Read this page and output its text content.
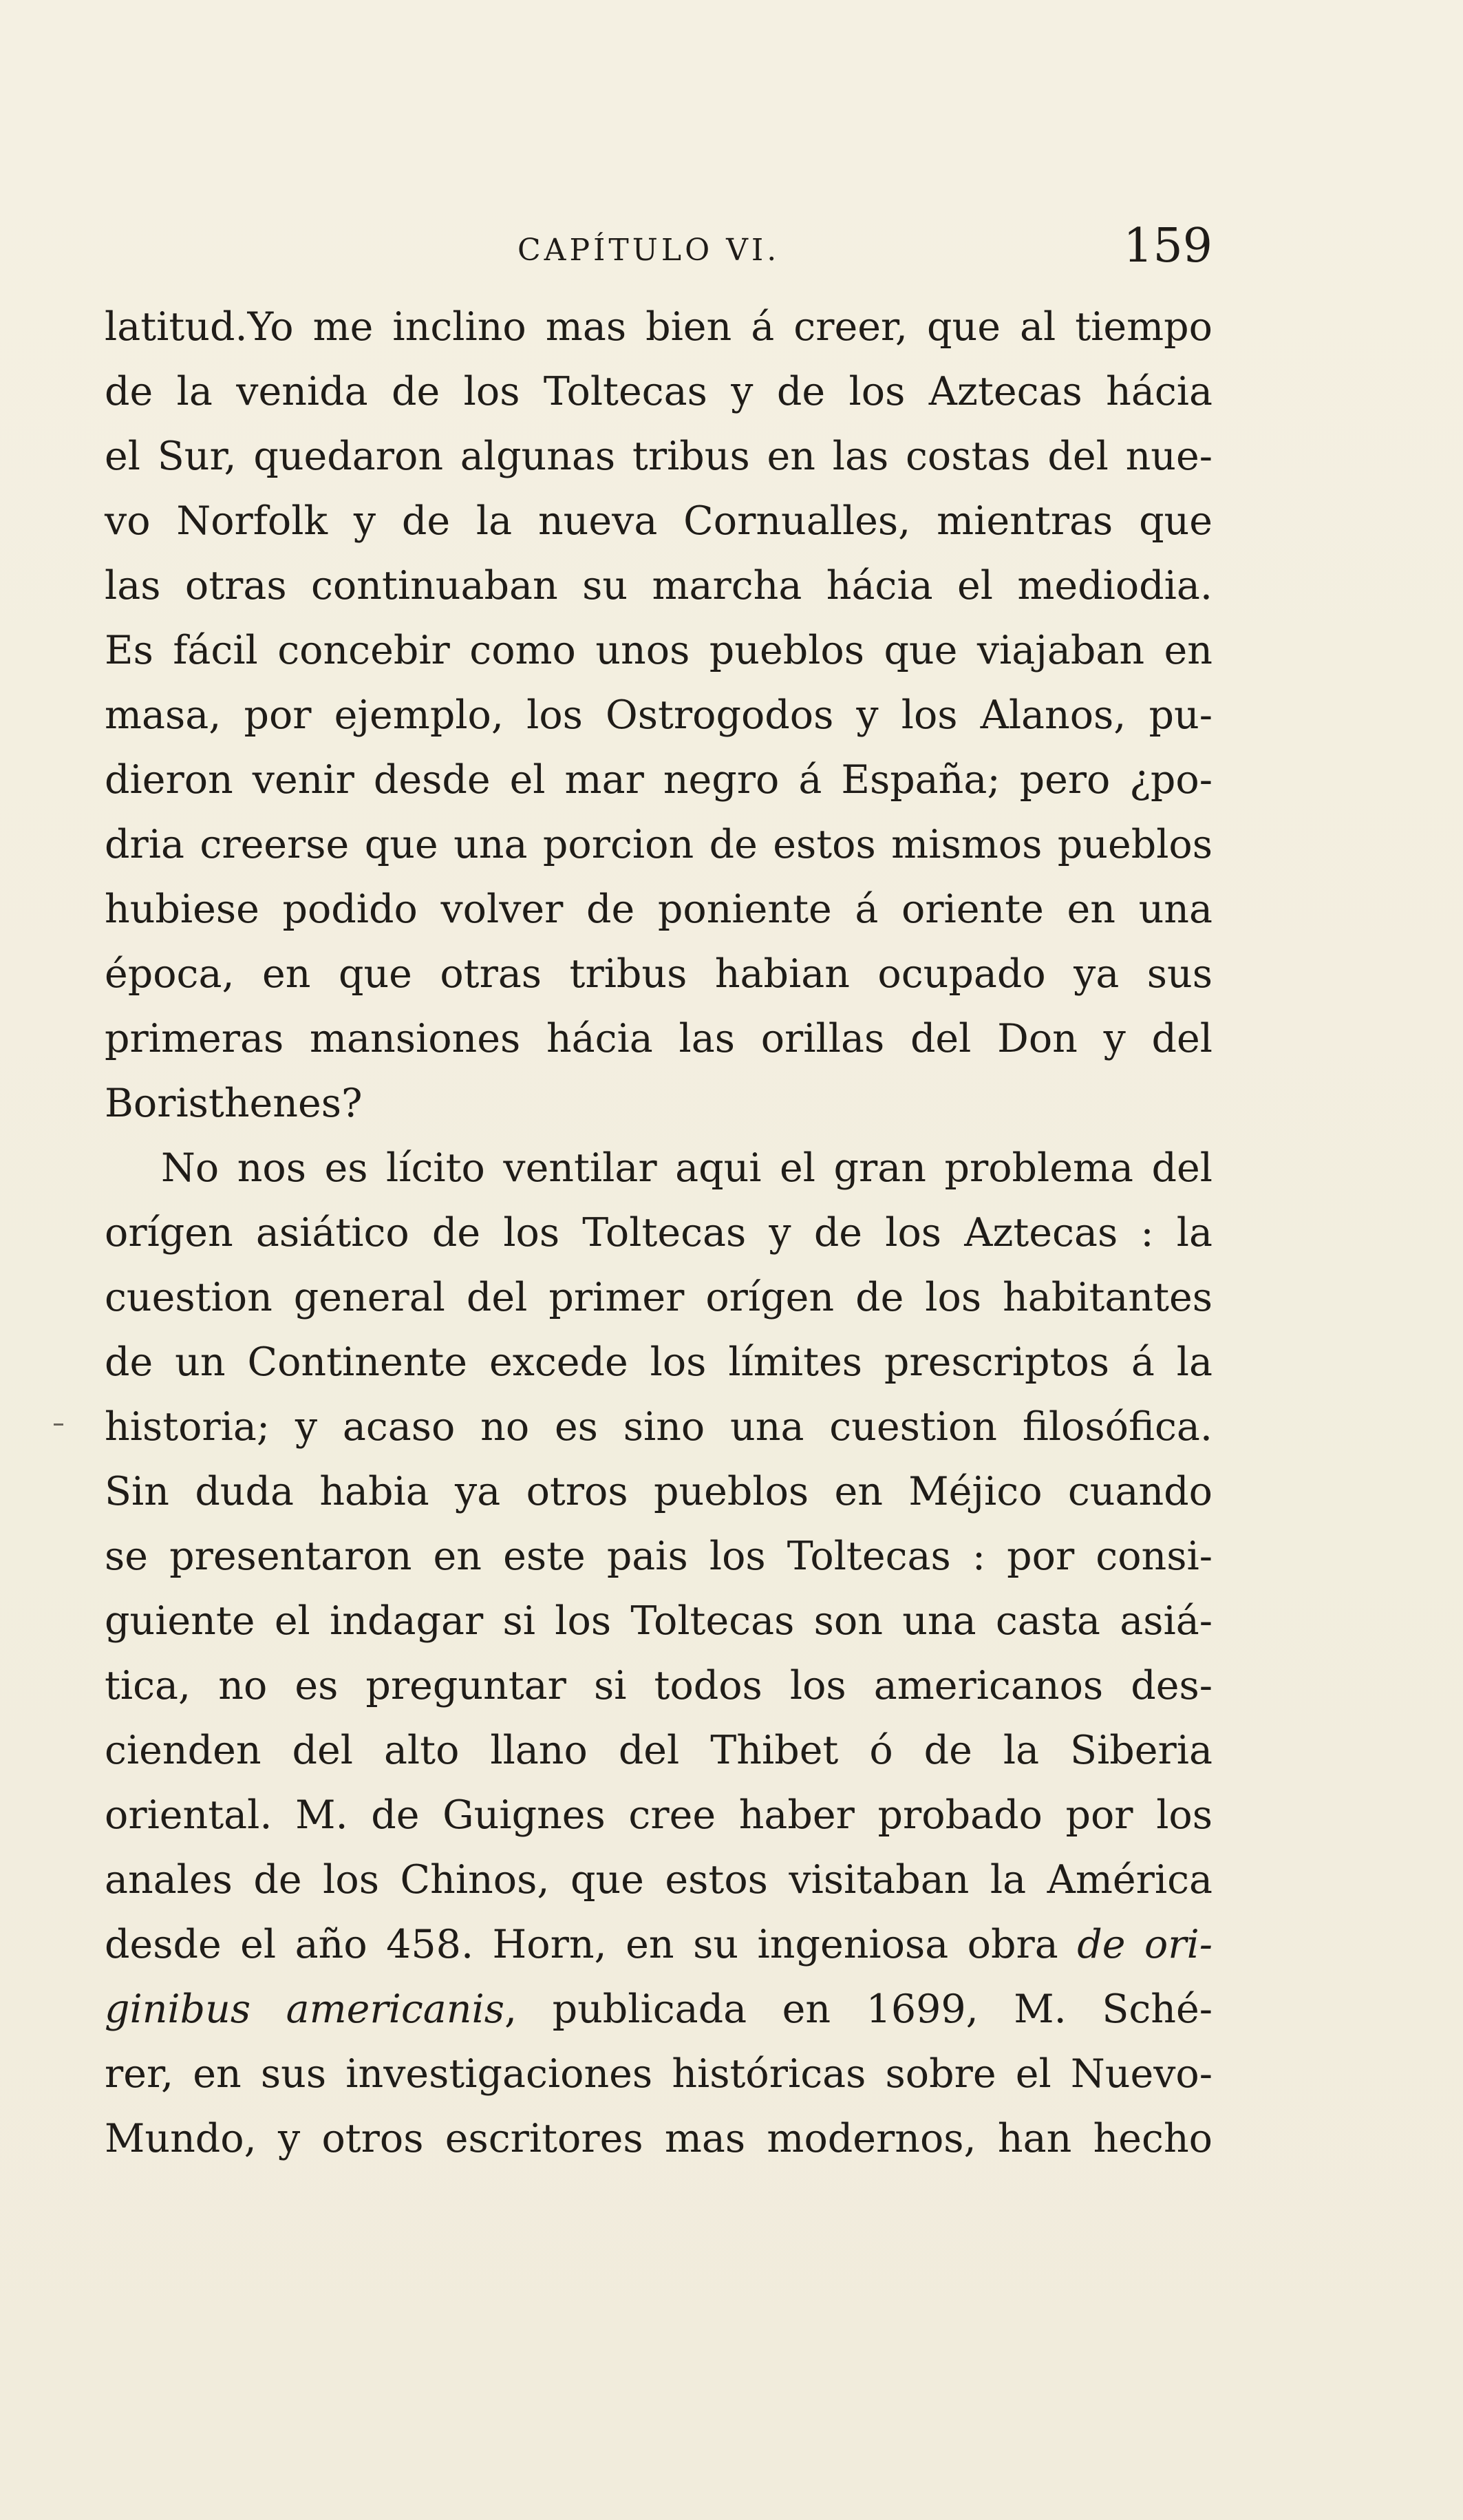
CAPÍTULO VI.	159
latitud.Yo me inclino mas bien á creer, que al tiempo
de la venida de los Toltecas y de los Aztecas hácia
el Sur, quedaron algunas tribus en las costas del nue-
vo Norfolk y de la nueva Cornualles, mientras que
las otras continuaban su marcha hácia el mediodia.
Es fácil concebir como unos pueblos que viajaban en
masa, por ejemplo, los Ostrogodos y los Alanos, pu-
dieron venir desde el mar negro á España; pero ¿po-
dria creerse que una porcion de estos mismos pueblos
hubiese podido volver de poniente á oriente en una
época, en que otras tribus habian ocupado ya sus
primeras mansiones hácia las orillas del Don y del
Boristhenes?
No nos es lícito ventilar aqui el gran problema del
orígen asiático de los Toltecas y de los Aztecas : la
cuestion general del primer orígen de los habitantes
de un Continente excede los límites prescriptos á la
historia; y acaso no es sino una cuestion filosófica.
Sin duda habia ya otros pueblos en Méjico cuando
se presentaron en este pais los Toltecas : por consi-
guiente el indagar si los Toltecas son una casta asiá-
tica, no es preguntar si todos los americanos des-
cienden del alto llano del Thibet ó de la Siberia
oriental. M. de Guignes cree haber probado por los
anales de los Chinos, que estos visitaban la América
desde el año 458. Horn, en su ingeniosa obra de ori-
ginibus americanis, publicada en 1699, M. Sché-
rer, en sus investigaciones históricas sobre el Nuevo-
Mundo, y otros escritores mas modernos, han hecho
